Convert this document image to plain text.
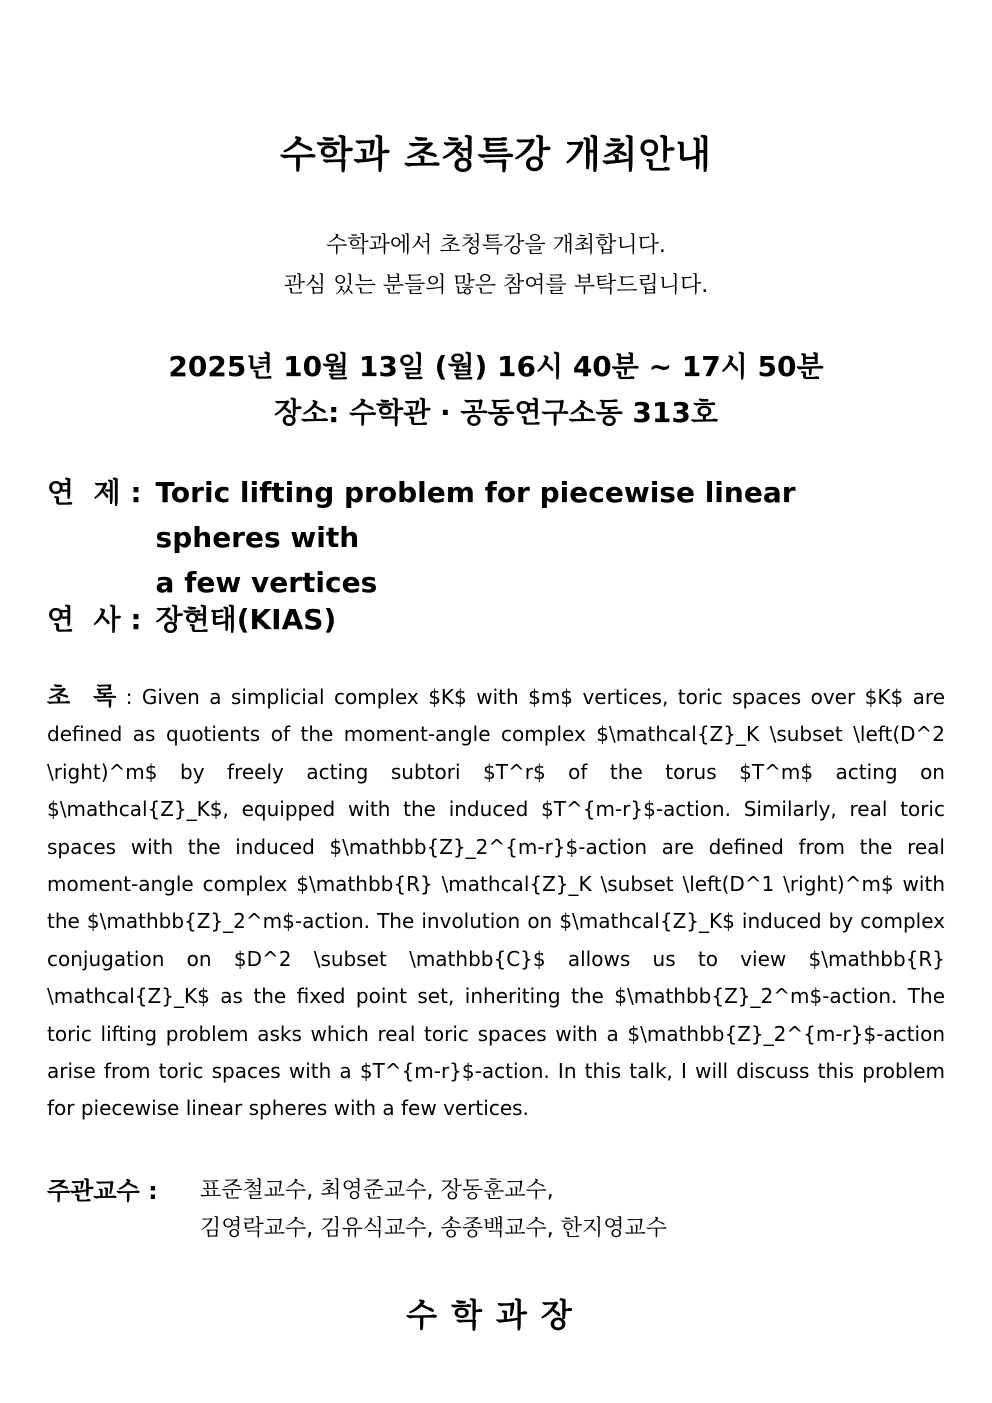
수학과 초청특강 개최안내
수학과에서 초청특강을 개최합니다.
관심 있는 분들의 많은 참여를 부탁드립니다.
2025년 10월 13일 (월) 16시 40분 ~ 17시 50분
장소: 수학관 · 공동연구소동 313호
연  제 : Toric lifting problem for piecewise linear spheres with
a few vertices
연  사 : 장현태(KIAS)
초  록 : Given a simplicial complex $K$ with $m$ vertices, toric spaces over $K$ are defined as quotients of the moment-angle complex $\mathcal{Z}_K \subset \left(D^2 \right)^m$ by freely acting subtori $T^r$ of the torus $T^m$ acting on $\mathcal{Z}_K$, equipped with the induced $T^{m-r}$-action. Similarly, real toric spaces with the induced $\mathbb{Z}_2^{m-r}$-action are defined from the real moment-angle complex $\mathbb{R} \mathcal{Z}_K \subset \left(D^1 \right)^m$ with the $\mathbb{Z}_2^m$-action. The involution on $\mathcal{Z}_K$ induced by complex conjugation on $D^2 \subset \mathbb{C}$ allows us to view $\mathbb{R} \mathcal{Z}_K$ as the fixed point set, inheriting the $\mathbb{Z}_2^m$-action. The toric lifting problem asks which real toric spaces with a $\mathbb{Z}_2^{m-r}$-action arise from toric spaces with a $T^{m-r}$-action. In this talk, I will discuss this problem for piecewise linear spheres with a few vertices.
주관교수 :	표준철교수, 최영준교수, 장동훈교수,
김영락교수, 김유식교수, 송종백교수, 한지영교수
수학과장
